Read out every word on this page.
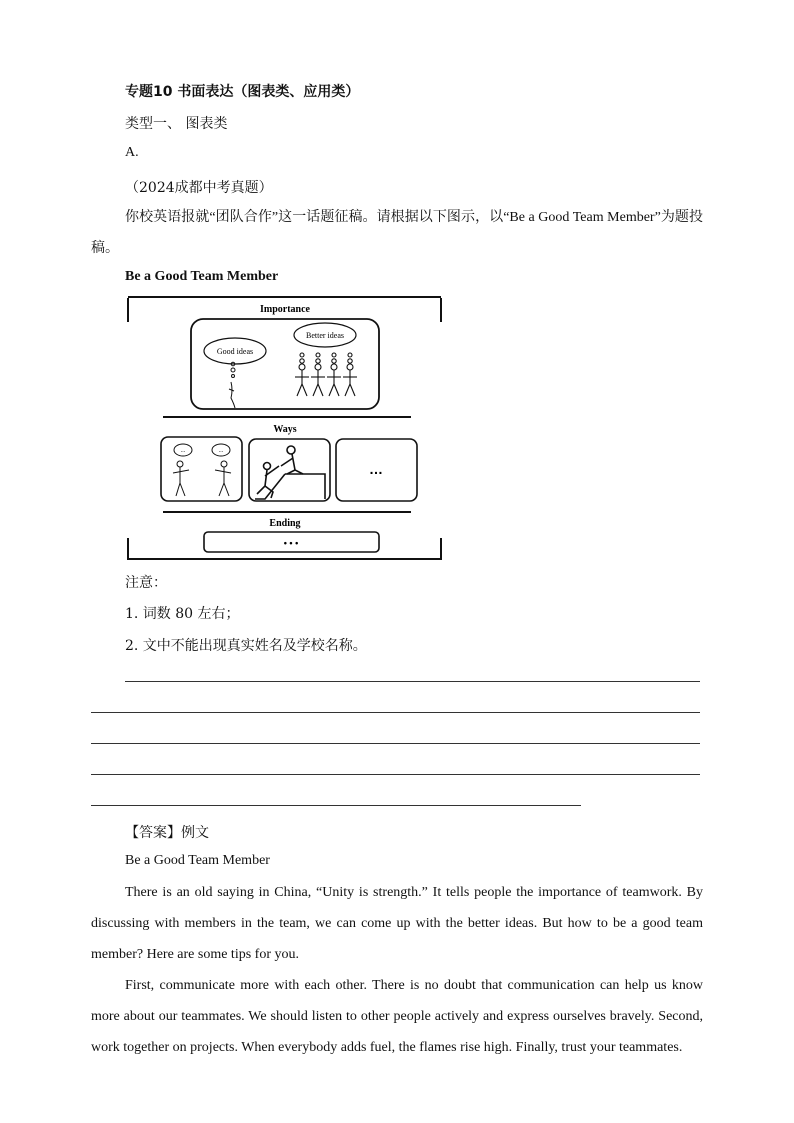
专题10 书面表达（图表类、应用类）
类型一、 图表类
A.
（2024成都中考真题）
你校英语报就“团队合作”这一话题征稿。请根据以下图示，以“Be a Good Team Member”为题投稿。
Be a Good Team Member
Importance
Good ideas
Better ideas
Ways
...	...
…
Ending
• • •
注意：
1. 词数 80 左右；
2. 文中不能出现真实姓名及学校名称。
【答案】例文
Be a Good Team Member
There is an old saying in China, “Unity is strength.” It tells people the importance of teamwork. By discussing with members in the team, we can come up with the better ideas. But how to be a good team member? Here are some tips for you.
First, communicate more with each other. There is no doubt that communication can help us know more about our teammates. We should listen to other people actively and express ourselves bravely. Second, work together on projects. When everybody adds fuel, the flames rise high. Finally, trust your teammates.
